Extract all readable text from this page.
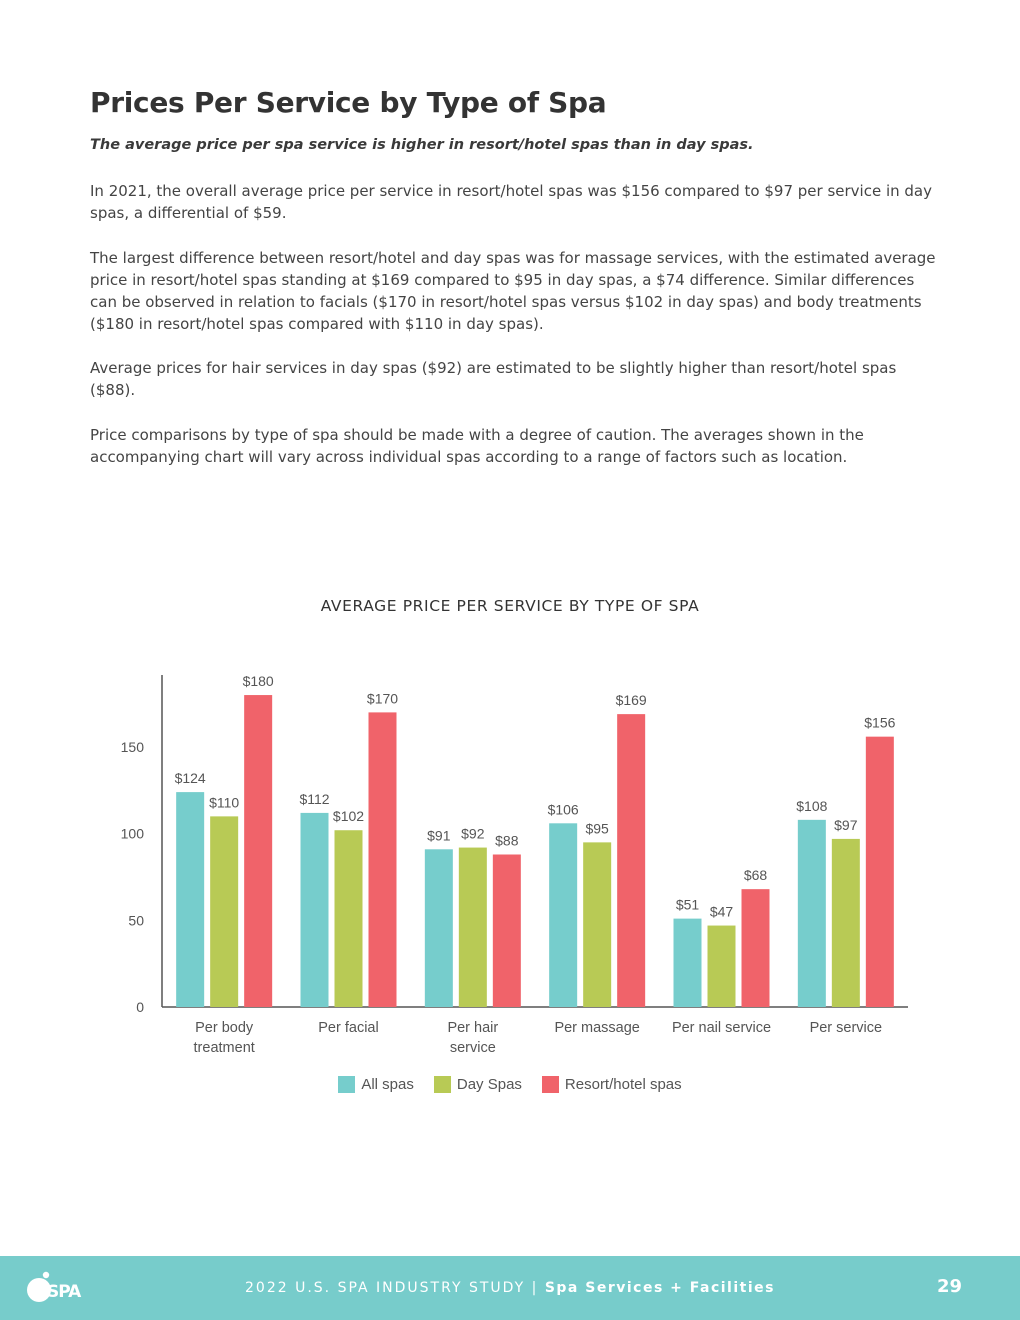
Prices Per Service by Type of Spa

The average price per spa service is higher in resort/hotel spas than in day spas.

In 2021, the overall average price per service in resort/hotel spas was $156 compared to $97 per service in day spas, a differential of $59.

The largest difference between resort/hotel and day spas was for massage services, with the estimated average price in resort/hotel spas standing at $169 compared to $95 in day spas, a $74 difference. Similar differences can be observed in relation to facials ($170 in resort/hotel spas versus $102 in day spas) and body treatments ($180 in resort/hotel spas compared with $110 in day spas).

Average prices for hair services in day spas ($92) are estimated to be slightly higher than resort/hotel spas ($88).

Price comparisons by type of spa should be made with a degree of caution. The averages shown in the accompanying chart will vary across individual spas according to a range of factors such as location.

AVERAGE PRICE PER SERVICE BY TYPE OF SPA
0
50
100
150
$124
$110
$180
Per body
treatment
$112
$102
$170
Per facial
$91 $92 $88
Per hair
service
$106
$95
$169
Per massage
$51 $47
$68
Per nail service
$108
$97
$156
Per service
All spas	Day Spas	Resort/hotel spas
SPA	2022 U.S. SPA INDUSTRY STUDY | Spa Services + Facilities	29
